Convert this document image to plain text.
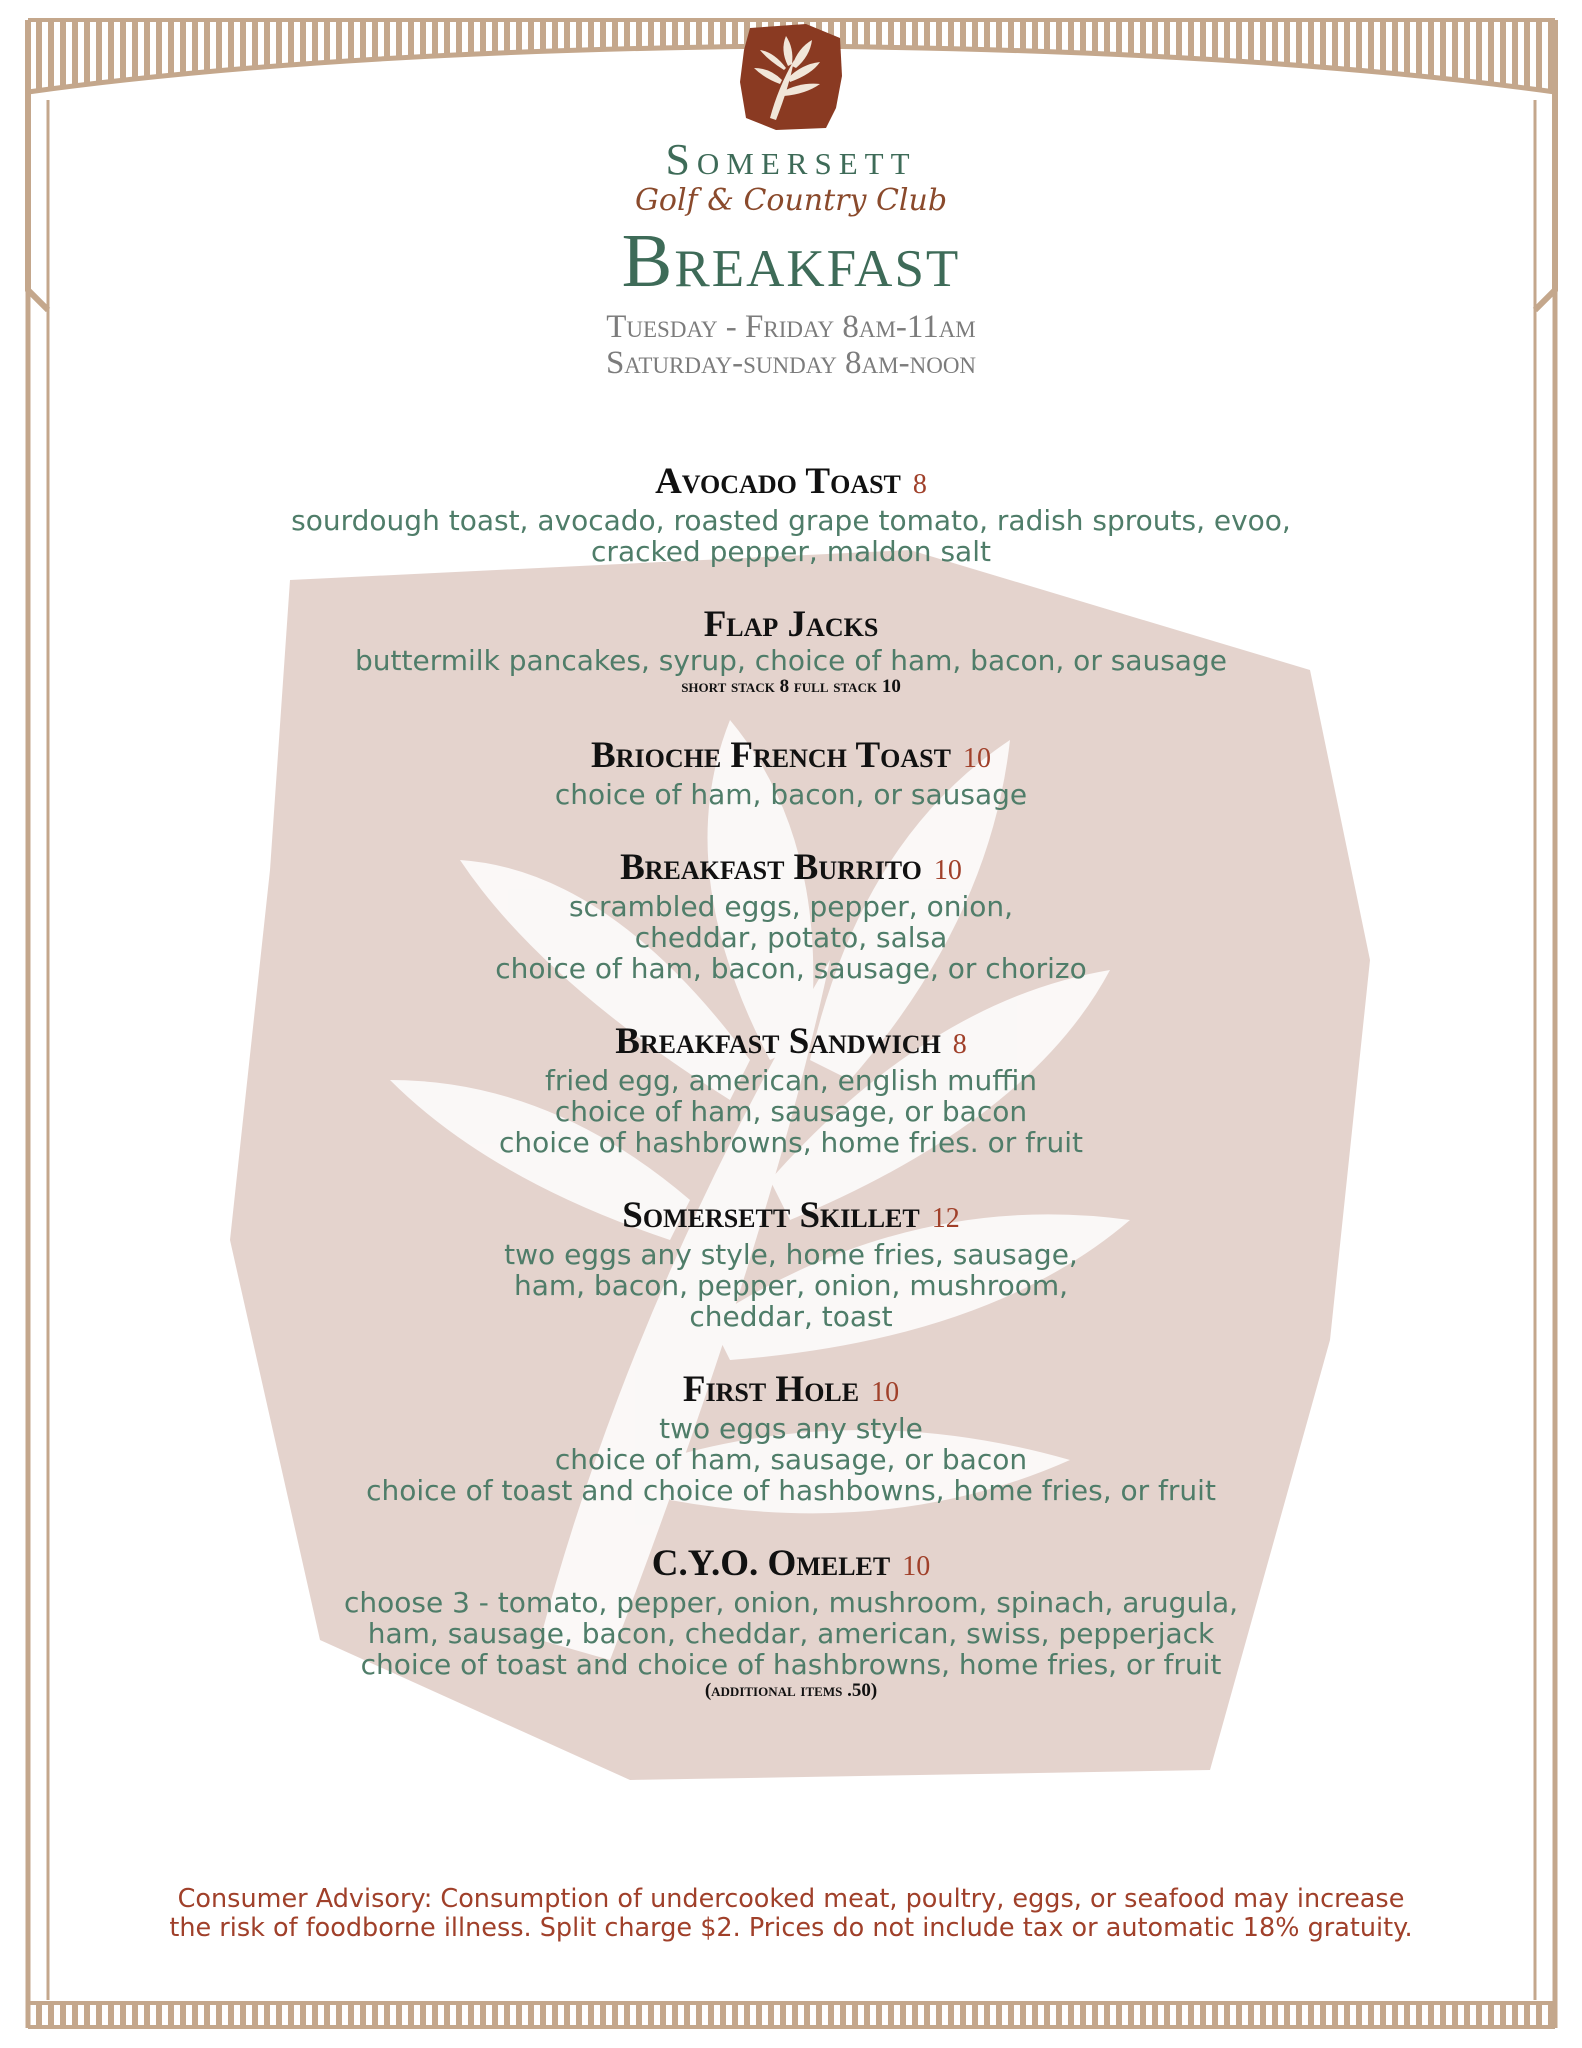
Somersett
Golf & Country Club
Breakfast
Tuesday - Friday 8am-11am
Saturday-sunday 8am-noon
Avocado Toast 8
sourdough toast, avocado, roasted grape tomato, radish sprouts, evoo,
cracked pepper, maldon salt
Flap Jacks
buttermilk pancakes, syrup, choice of ham, bacon, or sausage
short stack 8 full stack 10
Brioche French Toast 10
choice of ham, bacon, or sausage
Breakfast Burrito 10
scrambled eggs, pepper, onion,
cheddar, potato, salsa
choice of ham, bacon, sausage, or chorizo
Breakfast Sandwich 8
fried egg, american, english muffin
choice of ham, sausage, or bacon
choice of hashbrowns, home fries. or fruit
Somersett Skillet 12
two eggs any style, home fries, sausage,
ham, bacon, pepper, onion, mushroom,
cheddar, toast
First Hole 10
two eggs any style
choice of ham, sausage, or bacon
choice of toast and choice of hashbowns, home fries, or fruit
C.Y.O. Omelet 10
choose 3 - tomato, pepper, onion, mushroom, spinach, arugula,
ham, sausage, bacon, cheddar, american, swiss, pepperjack
choice of toast and choice of hashbrowns, home fries, or fruit
(additional items .50)
Consumer Advisory: Consumption of undercooked meat, poultry, eggs, or seafood may increase
the risk of foodborne illness. Split charge $2. Prices do not include tax or automatic 18% gratuity.
